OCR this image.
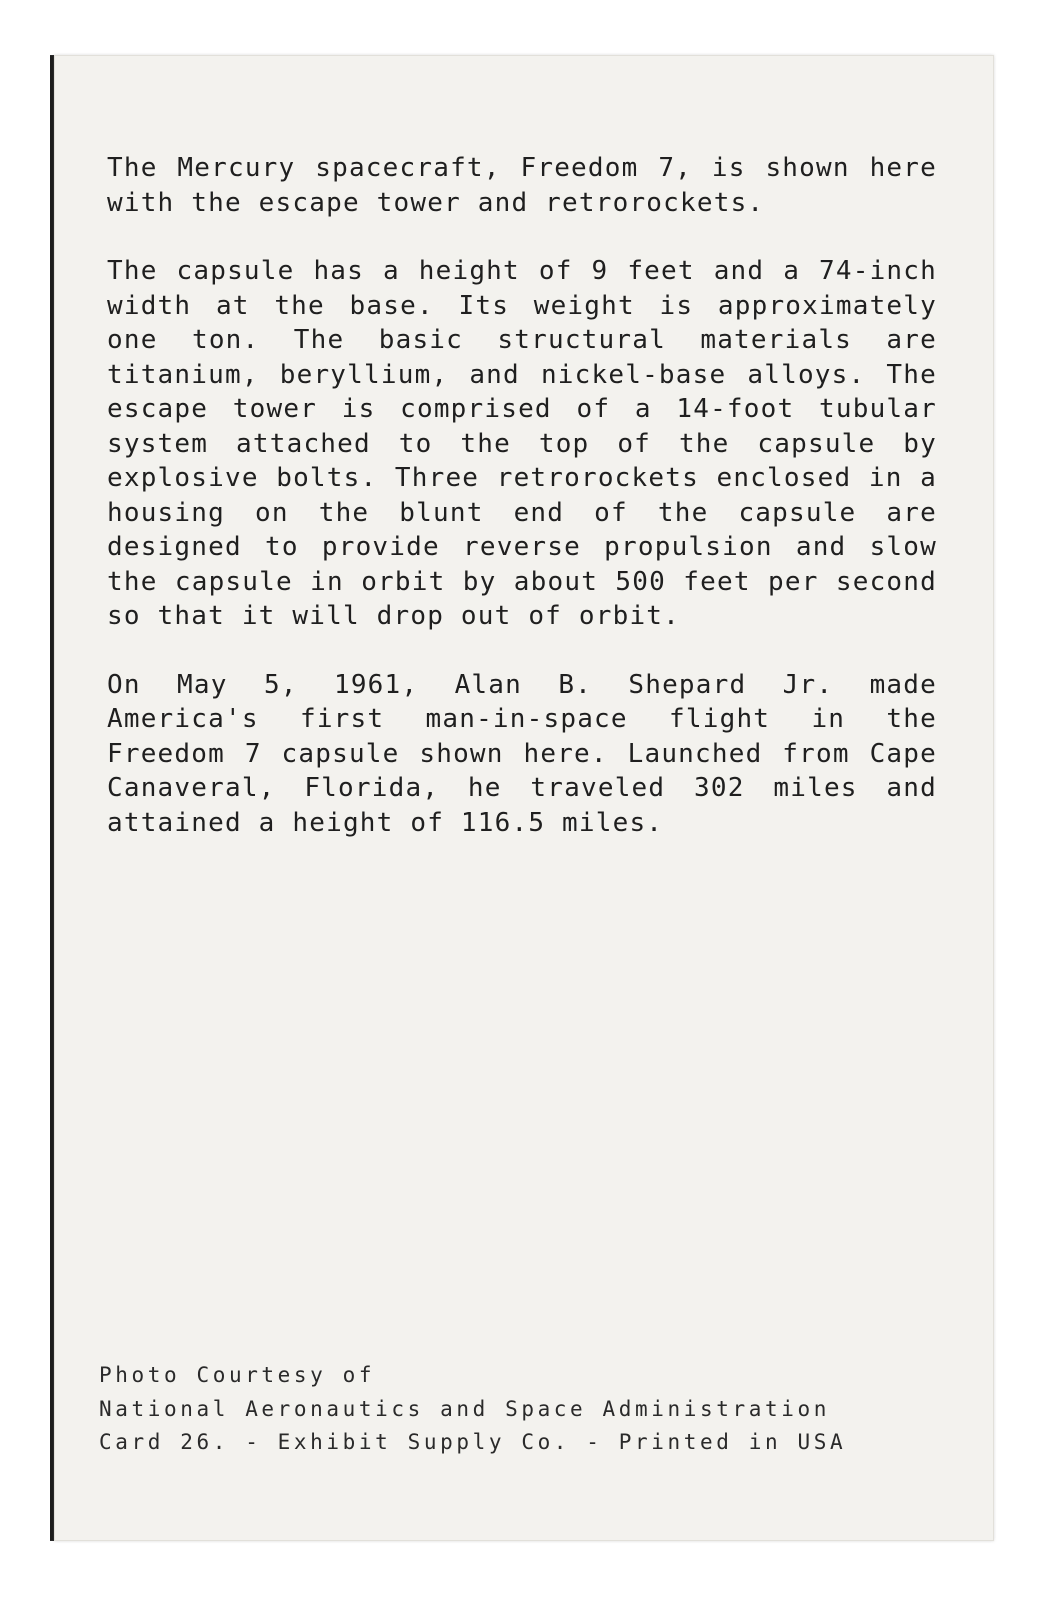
The Mercury spacecraft, Freedom 7, is shown here with the escape tower and retrorockets.

The capsule has a height of 9 feet and a 74-inch width at the base. Its weight is approximately one ton. The basic structural materials are titanium, beryllium, and nickel-base alloys. The escape tower is comprised of a 14-foot tubular system attached to the top of the capsule by explosive bolts. Three retrorockets enclosed in a housing on the blunt end of the capsule are designed to provide reverse propulsion and slow the capsule in orbit by about 500 feet per second so that it will drop out of orbit.

On May 5, 1961, Alan B. Shepard Jr. made America's first man-in-space flight in the Freedom 7 capsule shown here. Launched from Cape Canaveral, Florida, he traveled 302 miles and attained a height of 116.5 miles.

Photo Courtesy of
National Aeronautics and Space Administration
Card 26. - Exhibit Supply Co. - Printed in USA
